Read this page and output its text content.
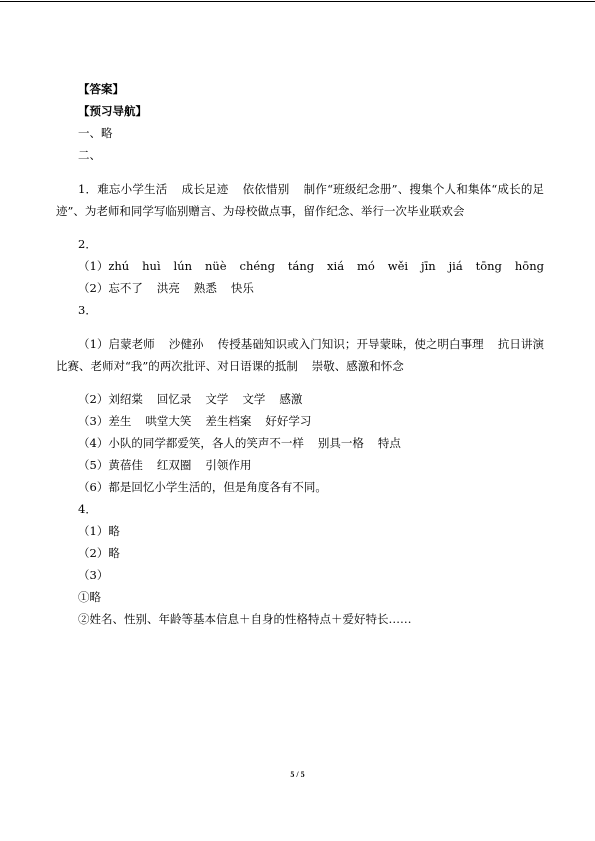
【答案】

【预习导航】

一、略

二、

1．难忘小学生活 成长足迹 依依惜别 制作“班级纪念册”、搜集个人和集体“成长的足迹”、为老师和同学写临别赠言、为母校做点事，留作纪念、举行一次毕业联欢会

2．

（1）zhú huì lún nüè chéng táng xiá mó wěi jīn jiá tōng hōng

（2）忘不了 洪亮 熟悉 快乐

3．

（1）启蒙老师 沙健孙 传授基础知识或入门知识；开导蒙昧，使之明白事理 抗日讲演比赛、老师对“我”的两次批评、对日语课的抵制 崇敬、感激和怀念

（2）刘绍棠 回忆录 文学 文学 感激

（3）差生 哄堂大笑 差生档案 好好学习

（4）小队的同学都爱笑，各人的笑声不一样 别具一格 特点

（5）黄蓓佳 红双圈 引领作用

（6）都是回忆小学生活的，但是角度各有不同。

4．

（1）略

（2）略

（3）

①略

②姓名、性别、年龄等基本信息＋自身的性格特点＋爱好特长……

5 / 5
